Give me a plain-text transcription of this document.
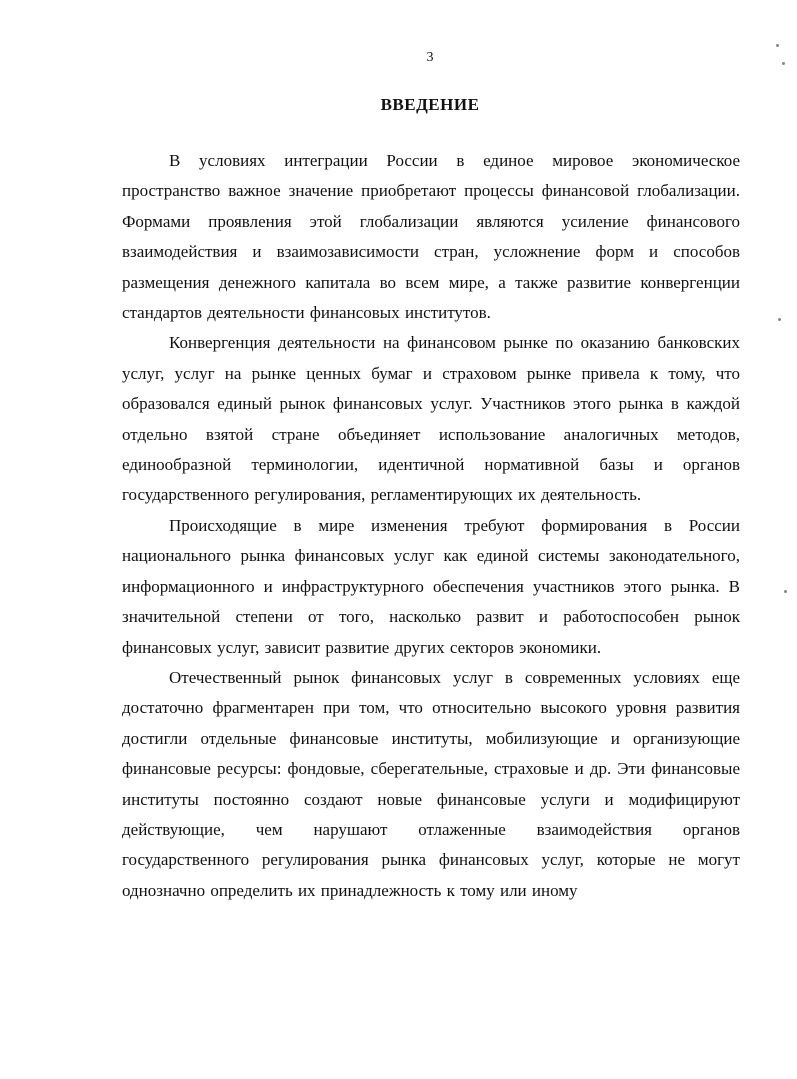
3
ВВЕДЕНИЕ

В условиях интеграции России в единое мировое экономическое пространство важное значение приобретают процессы финансовой глобализации. Формами проявления этой глобализации являются усиление финансового взаимодействия и взаимозависимости стран, усложнение форм и способов размещения денежного капитала во всем мире, а также развитие конвергенции стандартов деятельности финансовых институтов.

Конвергенция деятельности на финансовом рынке по оказанию банковских услуг, услуг на рынке ценных бумаг и страховом рынке привела к тому, что образовался единый рынок финансовых услуг. Участников этого рынка в каждой отдельно взятой стране объединяет использование аналогичных методов, единообразной терминологии, идентичной нормативной базы и органов государственного регулирования, регламентирующих их деятельность.

Происходящие в мире изменения требуют формирования в России национального рынка финансовых услуг как единой системы законодательного, информационного и инфраструктурного обеспечения участников этого рынка. В значительной степени от того, насколько развит и работоспособен рынок финансовых услуг, зависит развитие других секторов экономики.

Отечественный рынок финансовых услуг в современных условиях еще достаточно фрагментарен при том, что относительно высокого уровня развития достигли отдельные финансовые институты, мобилизующие и организующие финансовые ресурсы: фондовые, сберегательные, страховые и др. Эти финансовые институты постоянно создают новые финансовые услуги и модифицируют действующие, чем нарушают отлаженные взаимодействия органов государственного регулирования рынка финансовых услуг, которые не могут однозначно определить их принадлежность к тому или иному
